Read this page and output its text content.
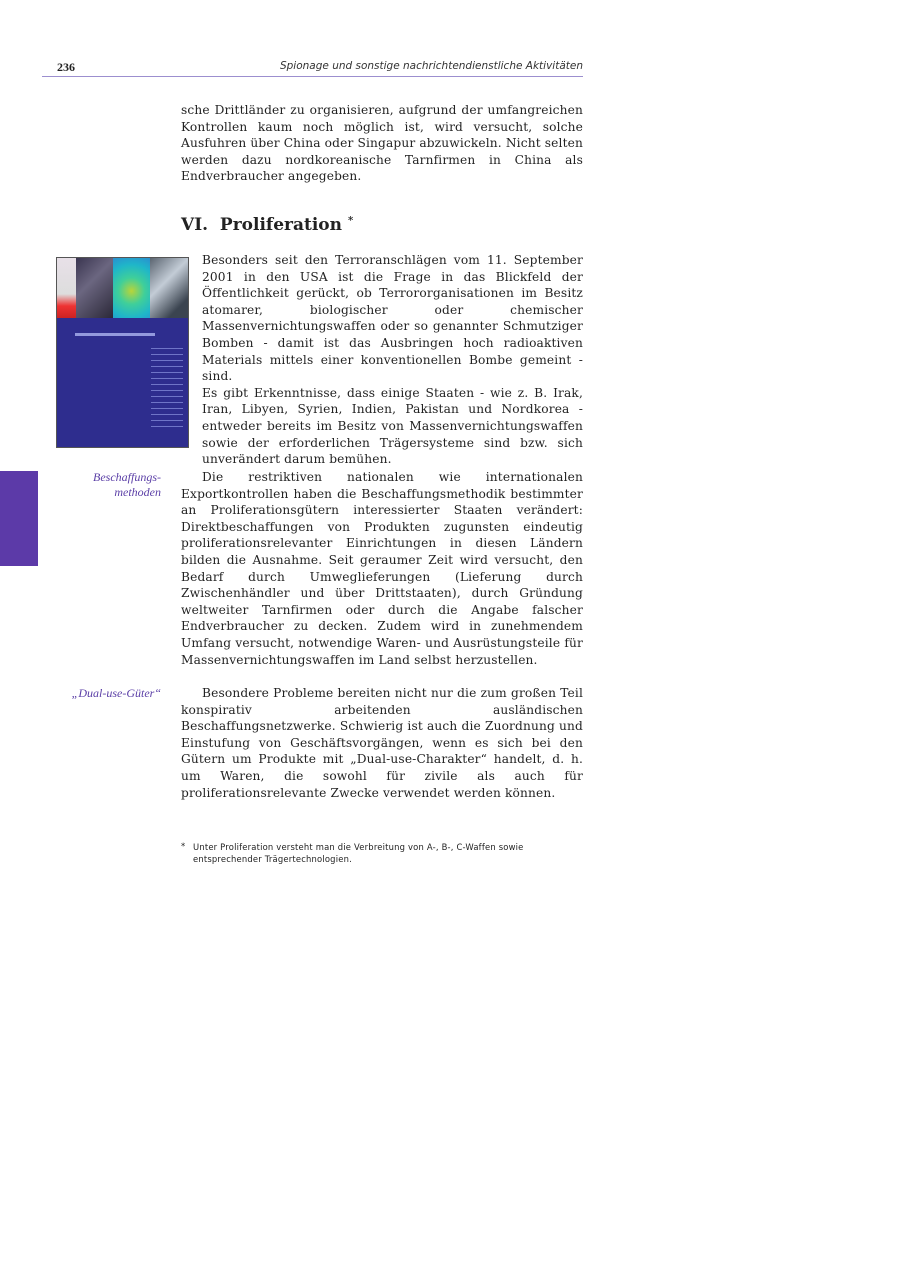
236	Spionage und sonstige nachrichtendienstliche Aktivitäten

sche Drittländer zu organisieren, aufgrund der umfangreichen Kontrollen kaum noch möglich ist, wird versucht, solche Ausfuhren über China oder Singapur abzuwickeln. Nicht selten werden dazu nordkoreanische Tarnfirmen in China als Endverbraucher angegeben.

VI. Proliferation *

Besonders seit den Terroranschlägen vom 11. September 2001 in den USA ist die Frage in das Blickfeld der Öffentlichkeit gerückt, ob Terrororganisationen im Besitz atomarer, biologischer oder chemischer Massenvernichtungswaffen oder so genannter Schmutziger Bomben - damit ist das Ausbringen hoch radioaktiven Materials mittels einer konventionellen Bombe gemeint - sind.

Es gibt Erkenntnisse, dass einige Staaten - wie z. B. Irak, Iran, Libyen, Syrien, Indien, Pakistan und Nordkorea - entweder bereits im Besitz von Massenvernichtungswaffen sowie der erforderlichen Trägersysteme sind bzw. sich unverändert darum bemühen.

Beschaffungs-
methoden

Die restriktiven nationalen wie internationalen Exportkontrollen haben die Beschaffungsmethodik bestimmter an Proliferationsgütern interessierter Staaten verändert: Direktbeschaffungen von Produkten zugunsten eindeutig proliferationsrelevanter Einrichtungen in diesen Ländern bilden die Ausnahme. Seit geraumer Zeit wird versucht, den Bedarf durch Umweglieferungen (Lieferung durch Zwischenhändler und über Drittstaaten), durch Gründung weltweiter Tarnfirmen oder durch die Angabe falscher Endverbraucher zu decken. Zudem wird in zunehmendem Umfang versucht, notwendige Waren- und Ausrüstungsteile für Massenvernichtungswaffen im Land selbst herzustellen.

„Dual-use-Güter“	Besondere Probleme bereiten nicht nur die zum großen Teil konspirativ arbeitenden ausländischen Beschaffungsnetzwerke. Schwierig ist auch die Zuordnung und Einstufung von Geschäftsvorgängen, wenn es sich bei den Gütern um Produkte mit „Dual-use-Charakter“ handelt, d. h. um Waren, die sowohl für zivile als auch für proliferationsrelevante Zwecke verwendet werden können.

* Unter Proliferation versteht man die Verbreitung von A-, B-, C-Waffen sowie entsprechender Trägertechnologien.
